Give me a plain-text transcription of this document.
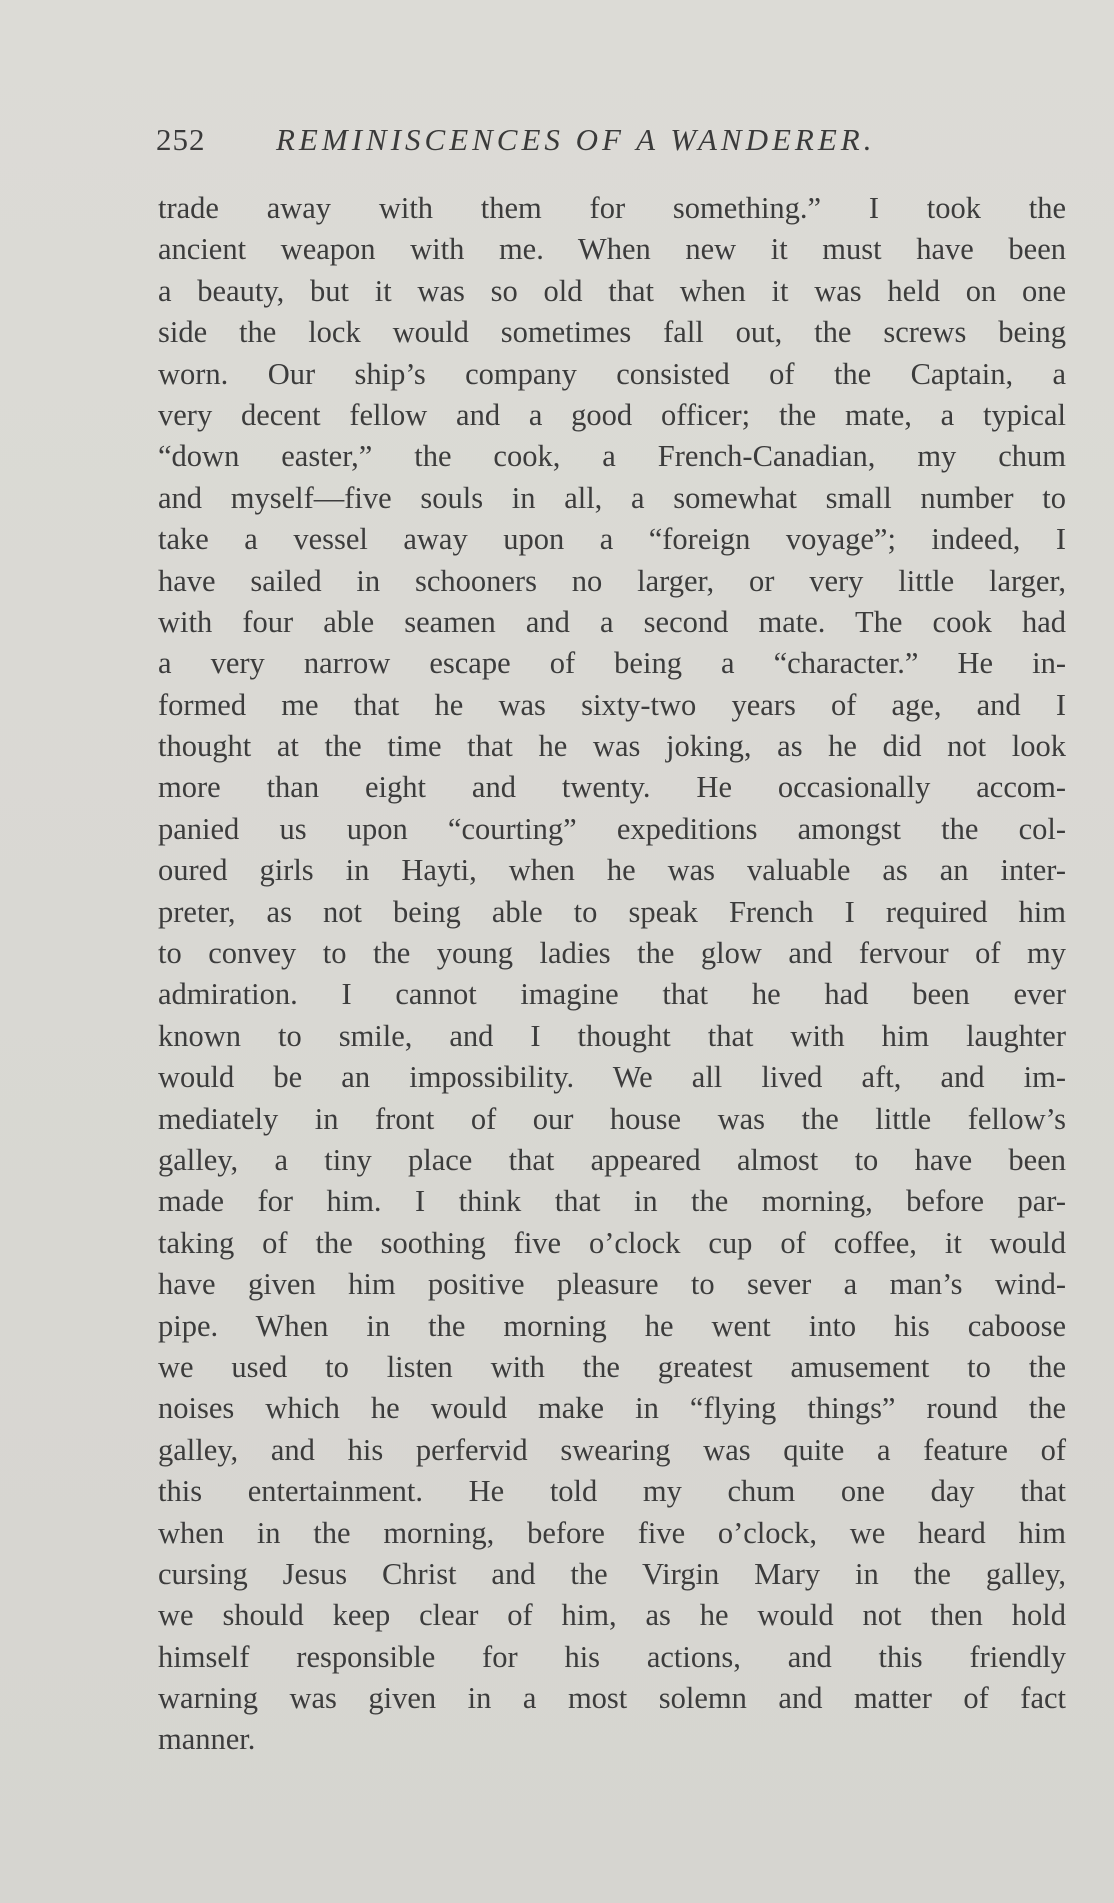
252 REMINISCENCES OF A WANDERER.
trade away with them for something.” I took the
ancient weapon with me. When new it must have been
a beauty, but it was so old that when it was held on one
side the lock would sometimes fall out, the screws being
worn. Our ship’s company consisted of the Captain, a
very decent fellow and a good officer; the mate, a typical
“down easter,” the cook, a French-Canadian, my chum
and myself—five souls in all, a somewhat small number to
take a vessel away upon a “foreign voyage”; indeed, I
have sailed in schooners no larger, or very little larger,
with four able seamen and a second mate. The cook had
a very narrow escape of being a “character.” He in-
formed me that he was sixty-two years of age, and I
thought at the time that he was joking, as he did not look
more than eight and twenty. He occasionally accom-
panied us upon “courting” expeditions amongst the col-
oured girls in Hayti, when he was valuable as an inter-
preter, as not being able to speak French I required him
to convey to the young ladies the glow and fervour of my
admiration. I cannot imagine that he had been ever
known to smile, and I thought that with him laughter
would be an impossibility. We all lived aft, and im-
mediately in front of our house was the little fellow’s
galley, a tiny place that appeared almost to have been
made for him. I think that in the morning, before par-
taking of the soothing five o’clock cup of coffee, it would
have given him positive pleasure to sever a man’s wind-
pipe. When in the morning he went into his caboose
we used to listen with the greatest amusement to the
noises which he would make in “flying things” round the
galley, and his perfervid swearing was quite a feature of
this entertainment. He told my chum one day that
when in the morning, before five o’clock, we heard him
cursing Jesus Christ and the Virgin Mary in the galley,
we should keep clear of him, as he would not then hold
himself responsible for his actions, and this friendly
warning was given in a most solemn and matter of fact
manner.
